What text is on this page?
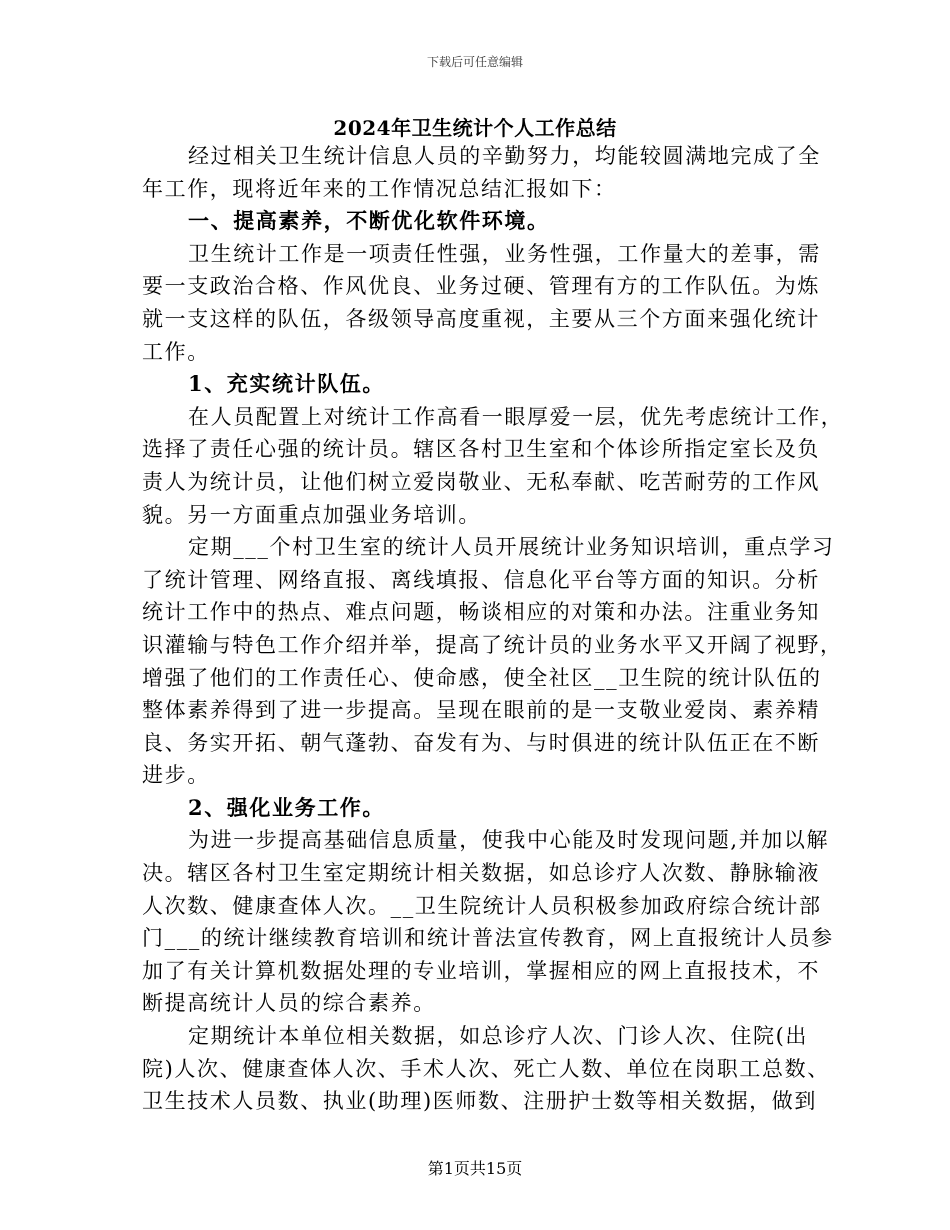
下载后可任意编辑
2024年卫生统计个人工作总结
经过相关卫生统计信息人员的辛勤努力，均能较圆满地完成了全
年工作，现将近年来的工作情况总结汇报如下：
一、提高素养，不断优化软件环境。
卫生统计工作是一项责任性强，业务性强，工作量大的差事，需
要一支政治合格、作风优良、业务过硬、管理有方的工作队伍。为炼
就一支这样的队伍，各级领导高度重视，主要从三个方面来强化统计
工作。
1、充实统计队伍。
在人员配置上对统计工作高看一眼厚爱一层，优先考虑统计工作，
选择了责任心强的统计员。辖区各村卫生室和个体诊所指定室长及负
责人为统计员，让他们树立爱岗敬业、无私奉献、吃苦耐劳的工作风
貌。另一方面重点加强业务培训。
定期___个村卫生室的统计人员开展统计业务知识培训，重点学习
了统计管理、网络直报、离线填报、信息化平台等方面的知识。分析
统计工作中的热点、难点问题，畅谈相应的对策和办法。注重业务知
识灌输与特色工作介绍并举，提高了统计员的业务水平又开阔了视野，
增强了他们的工作责任心、使命感，使全社区__卫生院的统计队伍的
整体素养得到了进一步提高。呈现在眼前的是一支敬业爱岗、素养精
良、务实开拓、朝气蓬勃、奋发有为、与时俱进的统计队伍正在不断
进步。
2、强化业务工作。
为进一步提高基础信息质量，使我中心能及时发现问题,并加以解
决。辖区各村卫生室定期统计相关数据，如总诊疗人次数、静脉输液
人次数、健康查体人次。__卫生院统计人员积极参加政府综合统计部
门___的统计继续教育培训和统计普法宣传教育，网上直报统计人员参
加了有关计算机数据处理的专业培训，掌握相应的网上直报技术，不
断提高统计人员的综合素养。
定期统计本单位相关数据，如总诊疗人次、门诊人次、住院(出
院)人次、健康查体人次、手术人次、死亡人数、单位在岗职工总数、
卫生技术人员数、执业(助理)医师数、注册护士数等相关数据，做到
第1页共15页
